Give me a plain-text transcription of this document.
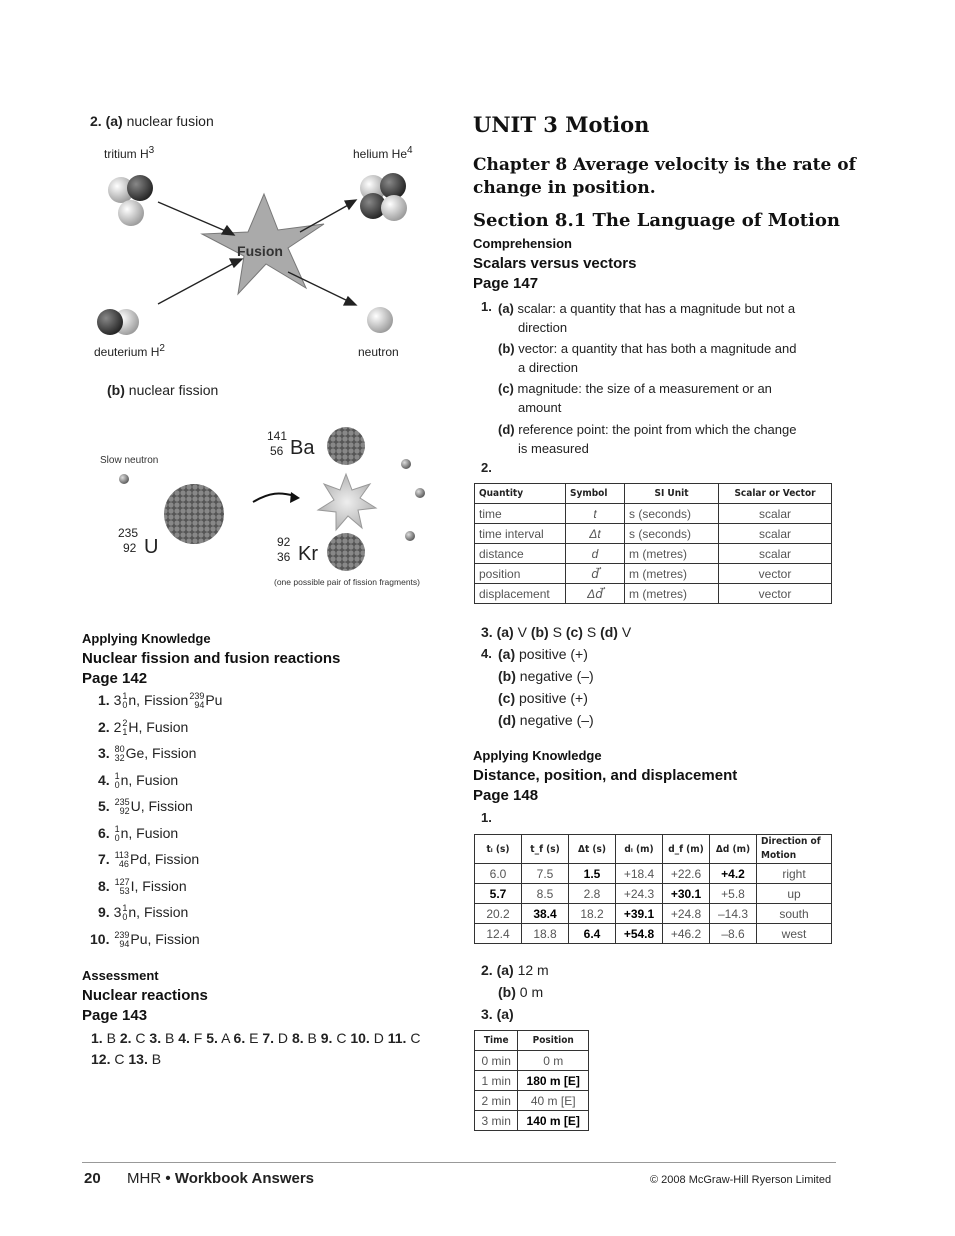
2. (a) nuclear fusion
tritium $H^3$	helium He$^4$
Fusion
deuterium $H^2$	neutron
(b) nuclear fission
Slow neutron
235
92 U
141
56 Ba
92
36 Kr
(one possible pair of fission fragments)
Applying Knowledge
Nuclear fission and fusion reactions
Page 142
1. 3 1
0 n, Fission 239
94 Pu
2. 2 2
1 H, Fusion
3. 80
32 Ge, Fission
4. 1
0 n, Fusion
5. 235
92 U, Fission
6. 1
0 n, Fusion
7. 113
46 Pd, Fission
8. 127
53 I, Fission
9. 3 1
0 n, Fission
10. 239
94 Pu, Fission
Assessment
Nuclear reactions
Page 143
1. B 2. C 3. B 4. F 5. A 6. E 7. D 8. B 9. C 10. D 11. C
12. C 13. B
UNIT 3 Motion
Chapter 8 Average velocity is the rate of
change in position.
Section 8.1 The Language of Motion
Comprehension
Scalars versus vectors
Page 147
1. (a) scalar: a quantity that has a magnitude but not a
direction
(b) vector: a quantity that has both a magnitude and
a direction
(c) magnitude: the size of a measurement or an
amount
(d) reference point: the point from which the change
is measured
2.
Quantity	Symbol	SI Unit	Scalar or Vector
time	t	s (seconds)	scalar
time interval	Δt	s (seconds)	scalar
distance	d	m (metres)	scalar
position	d⃗	m (metres)	vector
displacement	Δd⃗	m (metres)	vector
3. (a) V (b) S (c) S (d) V
4. (a) positive (+)
(b) negative (–)
(c) positive (+)
(d) negative (–)
Applying Knowledge
Distance, position, and displacement
Page 148
1.
tᵢ (s)	t_f (s)	Δt (s)	dᵢ (m)	d_f (m)	Δd (m)	Direction of Motion
6.0	7.5	1.5	+18.4	+22.6	+4.2	right
5.7	8.5	2.8	+24.3	+30.1	+5.8	up
20.2	38.4	18.2	+39.1	+24.8	–14.3	south
12.4	18.8	6.4	+54.8	+46.2	–8.6	west
2. (a) 12 m
(b) 0 m
3. (a)
Time	Position
0 min	0 m
1 min	180 m [E]
2 min	40 m [E]
3 min	140 m [E]
20 MHR • Workbook Answers	© 2008 McGraw-Hill Ryerson Limited
